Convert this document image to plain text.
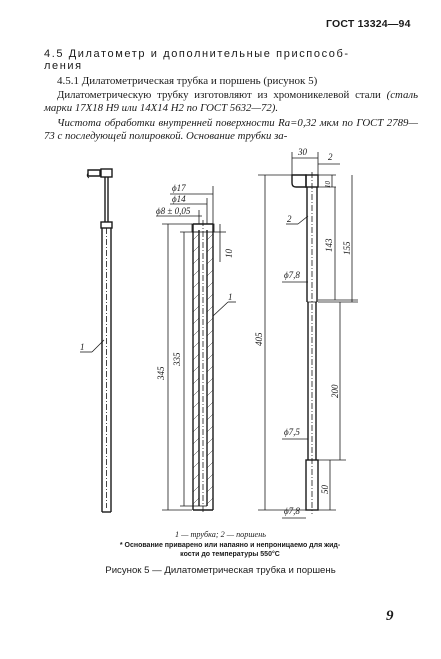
ГОСТ 13324—94
4.5 Дилатометр и дополнительные приспособ-
ления
4.5.1 Дилатометрическая трубка и поршень (рисунок 5)
Дилатометрическую трубку изготовляют из хромоникелевой стали (сталь марки 17Х18 Н9 или 14Х14 Н2 по ГОСТ 5632—72).
Чистота обработки внутренней поверхности Ra=0,32 мкм по ГОСТ 2789—73 с последующей полировкой. Основание трубки за-
1
ϕ17
ϕ14
ϕ8 ± 0,05
10
345
335
1
30 2
10
143 155
ϕ7,8
405
200
ϕ7,5
50
ϕ7,8
2
1 — трубка; 2 — поршень
* Основание приварено или напаяно и непроницаемо для жид-
кости до температуры 550°С
Рисунок 5 — Дилатометрическая трубка и поршень
9
